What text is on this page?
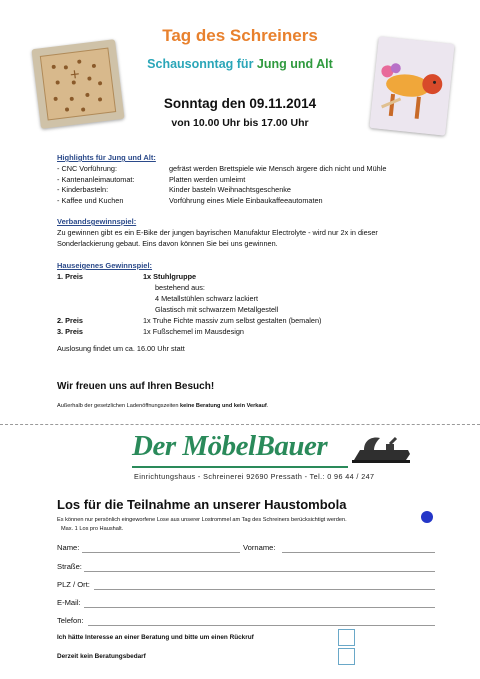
Tag des Schreiners
Schausonntag für Jung und Alt
Sonntag den 09.11.2014
von 10.00 Uhr bis 17.00 Uhr
Highlights für Jung und Alt:
- CNC Vorführung:	gefräst werden Brettspiele wie Mensch ärgere dich nicht und Mühle
- Kantenanleimautomat:	Platten werden umleimt
- Kinderbasteln:	Kinder basteln Weihnachtsgeschenke
- Kaffee und Kuchen	Vorführung eines Miele Einbaukaffeeautomaten
Verbandsgewinnspiel:
Zu gewinnen gibt es ein E-Bike der jungen bayrischen Manufaktur Electrolyte - wird nur 2x in dieser
Sonderlackierung gebaut. Eins davon können Sie bei uns gewinnen.
Hauseigenes Gewinnspiel:
1. Preis	1x Stuhlgruppe
bestehend aus:
4 Metallstühlen schwarz lackiert
Glastisch mit schwarzem Metallgestell
2. Preis	1x Truhe Fichte massiv zum selbst gestalten (bemalen)
3. Preis	1x Fußschemel im Mausdesign
Auslosung findet um ca. 16.00 Uhr statt
Wir freuen uns auf Ihren Besuch!
Außerhalb der gesetzlichen Ladenöffnungszeiten keine Beratung und kein Verkauf.
Der MöbelBauer
Einrichtungshaus - Schreinerei 92690 Pressath - Tel.: 0 96 44 / 247
Los für die Teilnahme an unserer Haustombola
Es können nur persönlich eingeworfene Lose aus unserer Lostrommel am Tag des Schreiners berücksichtigt werden.
Max. 1 Los pro Haushalt.
Name:	Vorname:
Straße:
PLZ / Ort:
E-Mail:
Telefon:
Ich hätte Interesse an einer Beratung und bitte um einen Rückruf
Derzeit kein Beratungsbedarf
